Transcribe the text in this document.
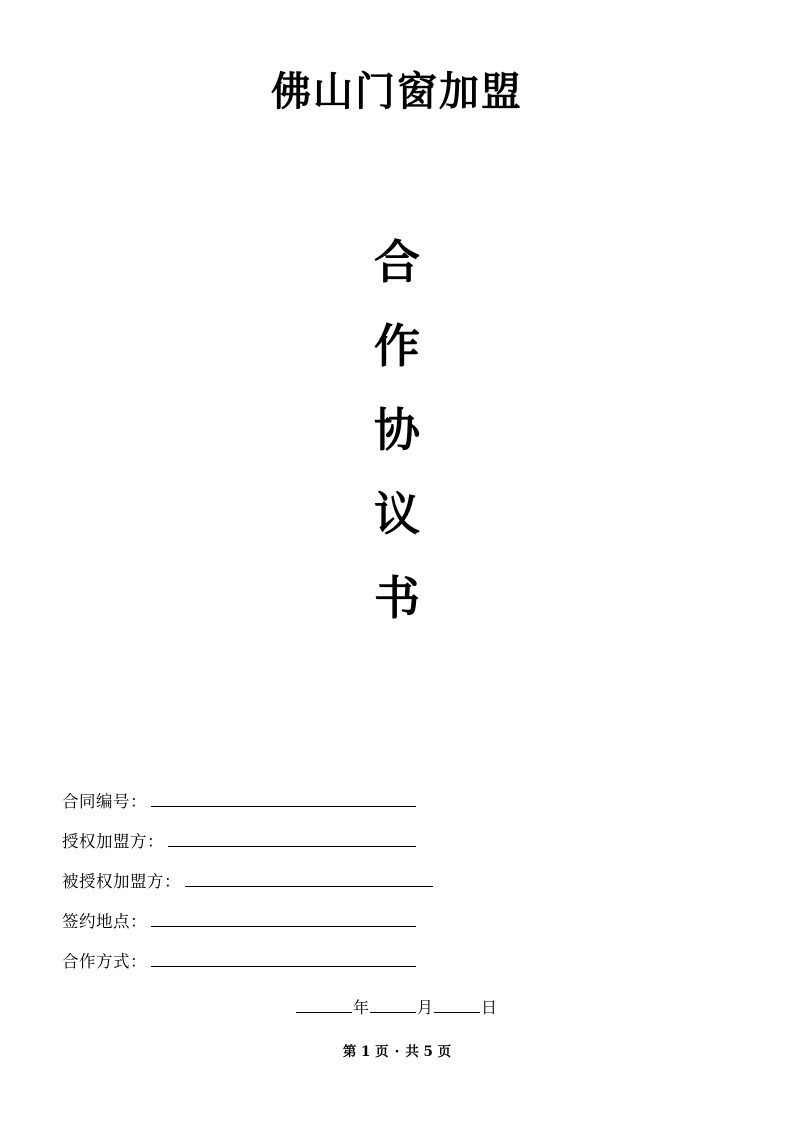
佛山门窗加盟
合
作
协
议
书
合同编号：
授权加盟方：
被授权加盟方：
签约地点：
合作方式：
年	月	日
第 1 页 · 共 5 页
